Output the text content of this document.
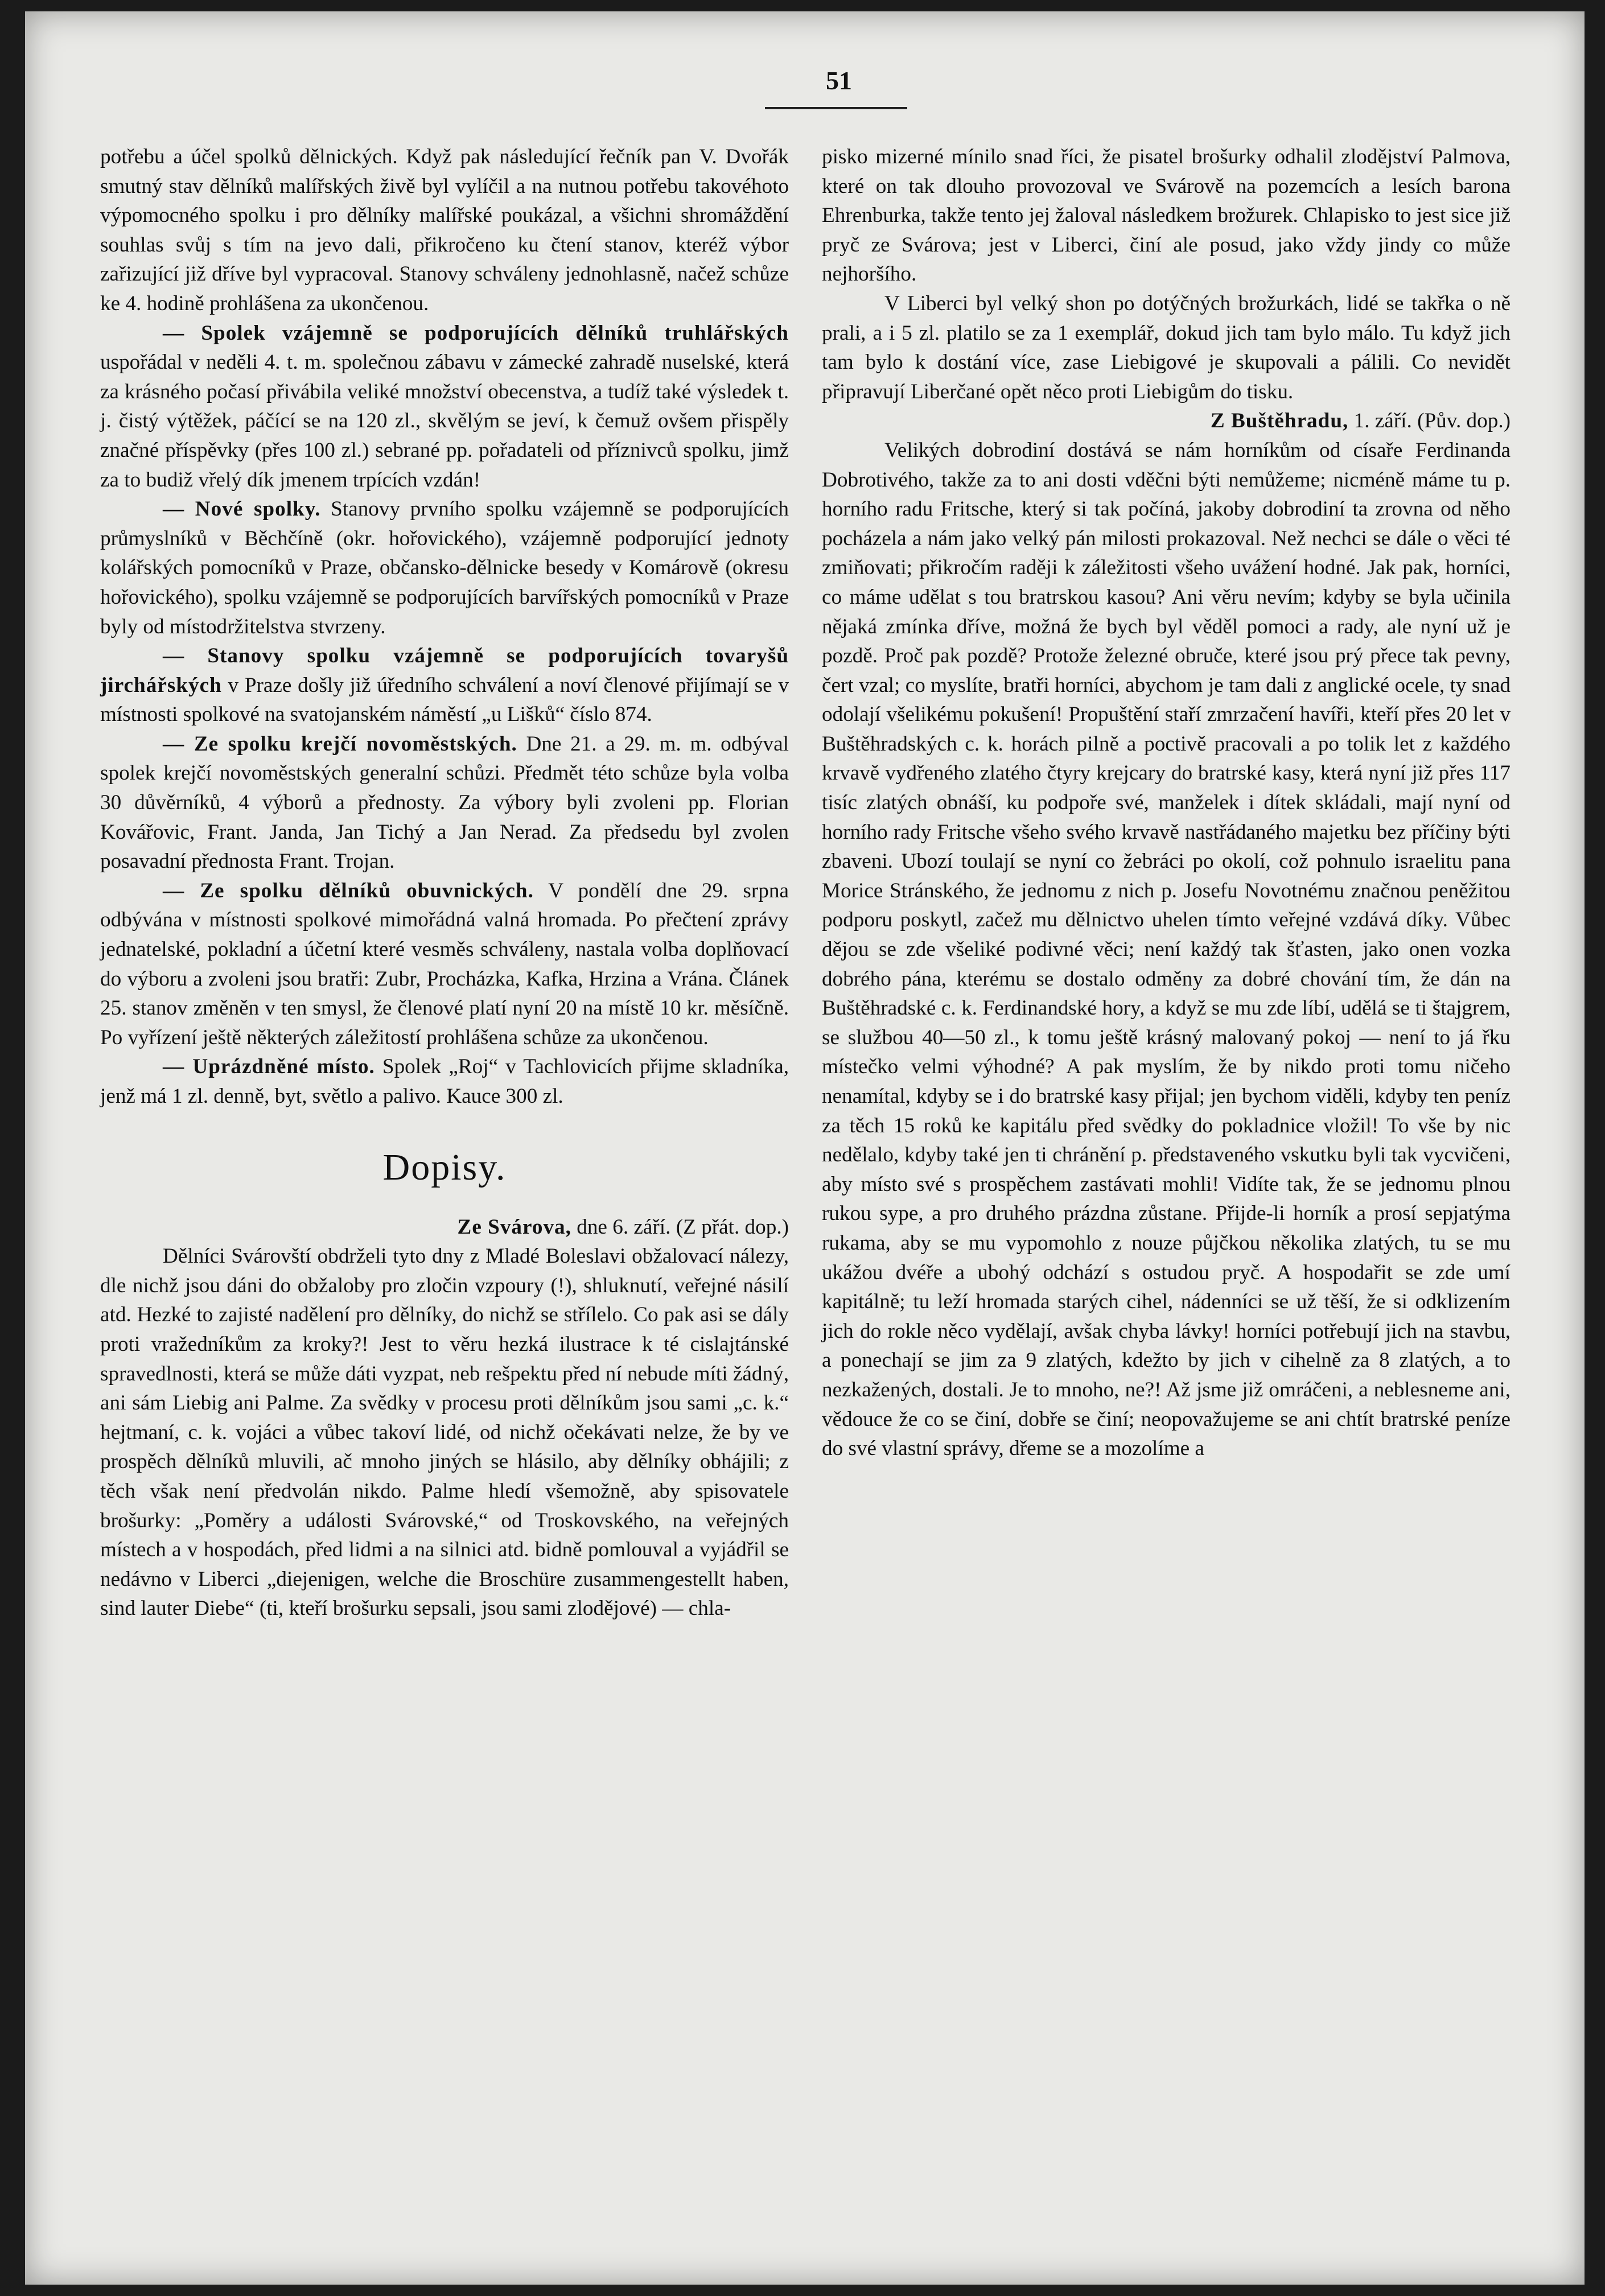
51

potřebu a účel spolků dělnických. Když pak následující řečník pan V. Dvořák smutný stav dělníků malířských živě byl vylíčil a na nutnou potřebu takovéhoto výpomocného spolku i pro dělníky malířské poukázal, a všichni shromáždění souhlas svůj s tím na jevo dali, přikročeno ku čtení stanov, kteréž výbor zařizující již dříve byl vypracoval. Stanovy schváleny jednohlasně, načež schůze ke 4. hodině prohlášena za ukončenou.

— Spolek vzájemně se podporujících dělníků truhlářských uspořádal v neděli 4. t. m. společnou zábavu v zámecké zahradě nuselské, která za krásného počasí přivábila veliké množství obecenstva, a tudíž také výsledek t. j. čistý výtěžek, páčící se na 120 zl., skvělým se jeví, k čemuž ovšem přispěly značné příspěvky (přes 100 zl.) sebrané pp. pořadateli od příznivců spolku, jimž za to budiž vřelý dík jmenem trpících vzdán!

— Nové spolky. Stanovy prvního spolku vzájemně se podporujících průmyslníků v Běchčíně (okr. hořovického), vzájemně podporující jednoty kolářských pomocníků v Praze, občansko-dělnicke besedy v Komárově (okresu hořovického), spolku vzájemně se podporujících barvířských pomocníků v Praze byly od místodržitelstva stvrzeny.

— Stanovy spolku vzájemně se podporujících tovaryšů jirchářských v Praze došly již úředního schválení a noví členové přijímají se v místnosti spolkové na svatojanském náměstí „u Lišků“ číslo 874.

— Ze spolku krejčí novoměstských. Dne 21. a 29. m. m. odbýval spolek krejčí novoměstských generalní schůzi. Předmět této schůze byla volba 30 důvěrníků, 4 výborů a přednosty. Za výbory byli zvoleni pp. Florian Kovářovic, Frant. Janda, Jan Tichý a Jan Nerad. Za předsedu byl zvolen posavadní přednosta Frant. Trojan.

— Ze spolku dělníků obuvnických. V pondělí dne 29. srpna odbývána v místnosti spolkové mimořádná valná hromada. Po přečtení zprávy jednatelské, pokladní a účetní které vesměs schváleny, nastala volba doplňovací do výboru a zvoleni jsou bratři: Zubr, Procházka, Kafka, Hrzina a Vrána. Článek 25. stanov změněn v ten smysl, že členové platí nyní 20 na místě 10 kr. měsíčně. Po vyřízení ještě některých záležitostí prohlášena schůze za ukončenou.

— Uprázdněné místo. Spolek „Roj“ v Tachlovicích přijme skladníka, jenž má 1 zl. denně, byt, světlo a palivo. Kauce 300 zl.

Dopisy.

Ze Svárova, dne 6. září. (Z přát. dop.)

Dělníci Svárovští obdrželi tyto dny z Mladé Boleslavi obžalovací nálezy, dle nichž jsou dáni do obžaloby pro zločin vzpoury (!), shluknutí, veřejné násilí atd. Hezké to zajisté nadělení pro dělníky, do nichž se střílelo. Co pak asi se dály proti vražedníkům za kroky?! Jest to věru hezká ilustrace k té cislajtánské spravedlnosti, která se může dáti vyzpat, neb rešpektu před ní nebude míti žádný, ani sám Liebig ani Palme. Za svědky v procesu proti dělníkům jsou sami „c. k.“ hejtmaní, c. k. vojáci a vůbec takoví lidé, od nichž očekávati nelze, že by ve prospěch dělníků mluvili, ač mnoho jiných se hlásilo, aby dělníky obhájili; z těch však není předvolán nikdo. Palme hledí všemožně, aby spisovatele brošurky: „Poměry a události Svárovské,“ od Troskovského, na veřejných místech a v hospodách, před lidmi a na silnici atd. bidně pomlouval a vyjádřil se nedávno v Liberci „diejenigen, welche die Broschüre zusammengestellt haben, sind lauter Diebe“ (ti, kteří brošurku sepsali, jsou sami zlodějové) — chla-

pisko mizerné mínilo snad říci, že pisatel brošurky odhalil zlodějství Palmova, které on tak dlouho provozoval ve Svárově na pozemcích a lesích barona Ehrenburka, takže tento jej žaloval následkem brožurek. Chlapisko to jest sice již pryč ze Svárova; jest v Liberci, činí ale posud, jako vždy jindy co může nejhoršího.

V Liberci byl velký shon po dotýčných brožurkách, lidé se takřka o ně prali, a i 5 zl. platilo se za 1 exemplář, dokud jich tam bylo málo. Tu když jich tam bylo k dostání více, zase Liebigové je skupovali a pálili. Co nevidět připravují Liberčané opět něco proti Liebigům do tisku.

Z Buštěhradu, 1. září. (Pův. dop.)

Velikých dobrodiní dostává se nám horníkům od císaře Ferdinanda Dobrotivého, takže za to ani dosti vděčni býti nemůžeme; nicméně máme tu p. horního radu Fritsche, který si tak počíná, jakoby dobrodiní ta zrovna od něho pocházela a nám jako velký pán milosti prokazoval. Než nechci se dále o věci té zmiňovati; přikročím raději k záležitosti všeho uvážení hodné. Jak pak, horníci, co máme udělat s tou bratrskou kasou? Ani věru nevím; kdyby se byla učinila nějaká zmínka dříve, možná že bych byl věděl pomoci a rady, ale nyní už je pozdě. Proč pak pozdě? Protože železné obruče, které jsou prý přece tak pevny, čert vzal; co myslíte, bratři horníci, abychom je tam dali z anglické ocele, ty snad odolají všelikému pokušení! Propuštění staří zmrzačení havíři, kteří přes 20 let v Buštěhradských c. k. horách pilně a poctivě pracovali a po tolik let z každého krvavě vydřeného zlatého čtyry krejcary do bratrské kasy, která nyní již přes 117 tisíc zlatých obnáší, ku podpoře své, manželek i dítek skládali, mají nyní od horního rady Fritsche všeho svého krvavě nastřádaného majetku bez příčiny býti zbaveni. Ubozí toulají se nyní co žebráci po okolí, což pohnulo israelitu pana Morice Stránského, že jednomu z nich p. Josefu Novotnému značnou peněžitou podporu poskytl, začež mu dělnictvo uhelen tímto veřejné vzdává díky. Vůbec dějou se zde všeliké podivné věci; není každý tak šťasten, jako onen vozka dobrého pána, kterému se dostalo odměny za dobré chování tím, že dán na Buštěhradské c. k. Ferdinandské hory, a když se mu zde líbí, udělá se ti štajgrem, se službou 40—50 zl., k tomu ještě krásný malovaný pokoj — není to já řku místečko velmi výhodné? A pak myslím, že by nikdo proti tomu ničeho nenamítal, kdyby se i do bratrské kasy přijal; jen bychom viděli, kdyby ten peníz za těch 15 roků ke kapitálu před svědky do pokladnice vložil! To vše by nic nedělalo, kdyby také jen ti chránění p. představeného vskutku byli tak vycvičeni, aby místo své s prospěchem zastávati mohli! Vidíte tak, že se jednomu plnou rukou sype, a pro druhého prázdna zůstane. Přijde-li horník a prosí sepjatýma rukama, aby se mu vypomohlo z nouze půjčkou několika zlatých, tu se mu ukážou dvéře a ubohý odchází s ostudou pryč. A hospodařit se zde umí kapitálně; tu leží hromada starých cihel, nádenníci se už těší, že si odklizením jich do rokle něco vydělají, avšak chyba lávky! horníci potřebují jich na stavbu, a ponechají se jim za 9 zlatých, kdežto by jich v cihelně za 8 zlatých, a to nezkažených, dostali. Je to mnoho, ne?! Až jsme již omráčeni, a neblesneme ani, vědouce že co se činí, dobře se činí; neopovažujeme se ani chtít bratrské peníze do své vlastní správy, dřeme se a mozolíme a
